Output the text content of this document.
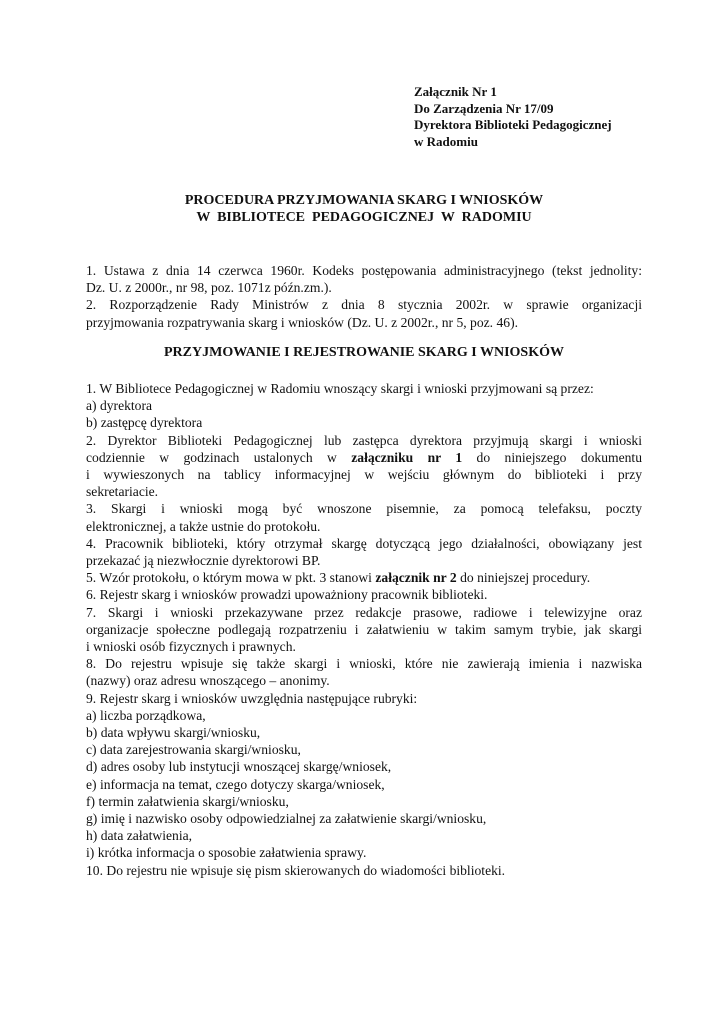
Załącznik Nr 1
Do Zarządzenia Nr 17/09
Dyrektora Biblioteki Pedagogicznej
w Radomiu
PROCEDURA PRZYJMOWANIA SKARG I WNIOSKÓW
W  BIBLIOTECE  PEDAGOGICZNEJ  W  RADOMIU
1. Ustawa z dnia 14 czerwca 1960r. Kodeks postępowania administracyjnego (tekst jednolity:
Dz. U. z 2000r., nr 98, poz. 1071z późn.zm.).
2. Rozporządzenie Rady Ministrów z dnia 8 stycznia 2002r. w sprawie organizacji
przyjmowania rozpatrywania skarg i wniosków (Dz. U. z 2002r., nr 5, poz. 46).
PRZYJMOWANIE I REJESTROWANIE SKARG I WNIOSKÓW
1. W Bibliotece Pedagogicznej w Radomiu wnoszący skargi i wnioski przyjmowani są przez:
a) dyrektora
b) zastępcę dyrektora
2. Dyrektor Biblioteki Pedagogicznej lub zastępca dyrektora przyjmują skargi i wnioski
codziennie w godzinach ustalonych w załączniku nr 1 do niniejszego dokumentu
i wywieszonych na tablicy informacyjnej w wejściu głównym do biblioteki i przy
sekretariacie.
3. Skargi i wnioski mogą być wnoszone pisemnie, za pomocą telefaksu, poczty
elektronicznej, a także ustnie do protokołu.
4. Pracownik biblioteki, który otrzymał skargę dotyczącą jego działalności, obowiązany jest
przekazać ją niezwłocznie dyrektorowi BP.
5. Wzór protokołu, o którym mowa w pkt. 3 stanowi załącznik nr 2 do niniejszej procedury.
6. Rejestr skarg i wniosków prowadzi upoważniony pracownik biblioteki.
7. Skargi i wnioski przekazywane przez redakcje prasowe, radiowe i telewizyjne oraz
organizacje społeczne podlegają rozpatrzeniu i załatwieniu w takim samym trybie, jak skargi
i wnioski osób fizycznych i prawnych.
8. Do rejestru wpisuje się także skargi i wnioski, które nie zawierają imienia i nazwiska
(nazwy) oraz adresu wnoszącego – anonimy.
9. Rejestr skarg i wniosków uwzględnia następujące rubryki:
a) liczba porządkowa,
b) data wpływu skargi/wniosku,
c) data zarejestrowania skargi/wniosku,
d) adres osoby lub instytucji wnoszącej skargę/wniosek,
e) informacja na temat, czego dotyczy skarga/wniosek,
f) termin załatwienia skargi/wniosku,
g) imię i nazwisko osoby odpowiedzialnej za załatwienie skargi/wniosku,
h) data załatwienia,
i) krótka informacja o sposobie załatwienia sprawy.
10. Do rejestru nie wpisuje się pism skierowanych do wiadomości biblioteki.
